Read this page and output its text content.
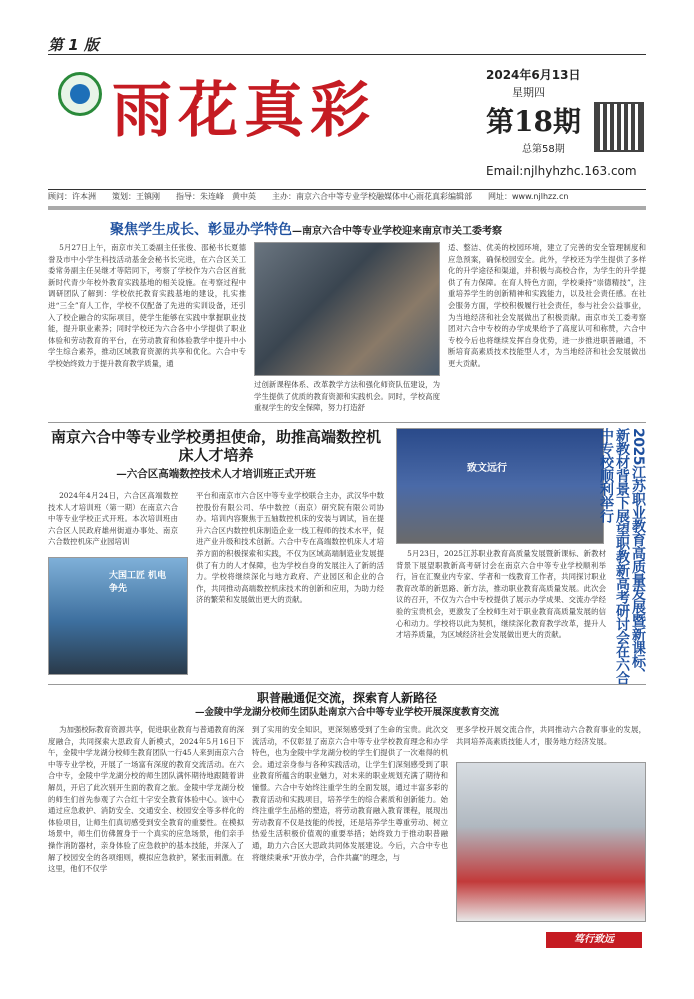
第 1 版
雨花真彩
2024年6月13日
星期四
第18期
总第58期
Email:njlhyhzhc.163.com
顾问：许本洲　　策划：王镇刚　　指导：朱连峰　黄中英　　主办：南京六合中等专业学校融媒体中心雨花真彩编辑部　　网址：www.njlhzz.cn
聚焦学生成长、彰显办学特色—南京六合中等专业学校迎来南京市关工委考察
5月27日上午，南京市关工委副主任张俊、邵秘书长夏德誉及市中小学生科技活动基金会秘书长完进，在六合区关工委常务副主任吴继才等陪同下，考察了学校作为六合区首批新时代青少年校外教育实践基地的相关设施。在考察过程中调研团队了解到：学校依托教育实践基地的建设，扎实推进“三全”育人工作，学校不仅配备了先进的实训设备，还引入了校企融合的实际项目，使学生能够在实践中掌握职业技能，提升职业素养；同时学校还为六合各中小学提供了职业体验和劳动教育的平台，在劳动教育和体验教学中提升中小学生综合素养，推动区域教育资源的共享和优化。六合中专学校始终致力于提升教育教学质量，通
过创新课程体系、改革教学方法和强化师资队伍建设，为学生提供了优质的教育资源和实践机会。同时，学校高度重视学生的安全保障，努力打造舒
适、整洁、优美的校园环境，建立了完善的安全管理制度和应急预案，确保校园安全。此外，学校还为学生提供了多样化的升学途径和渠道，并积极与高校合作，为学生的升学提供了有力保障。在育人特色方面，学校秉持“崇德精技”，注重培养学生的创新精神和实践能力，以及社会责任感。在社会服务方面，学校积极履行社会责任，参与社会公益事业，为当地经济和社会发展做出了积极贡献。南京市关工委考察团对六合中专校的办学成果给予了高度认可和称赞，六合中专校今后也将继续发挥自身优势，进一步推进职普融通，不断培育高素质技术技能型人才，为当地经济和社会发展做出更大贡献。
南京六合中等专业学校勇担使命，助推高端数控机床人才培养
—六合区高端数控技术人才培训班正式开班
2024年4月24日，六合区高端数控技术人才培训班（第一期）在南京六合中等专业学校正式开班。本次培训班由六合区人民政府雄州街道办事处、南京六合数控机床产业园培训
大国工匠 机电争先
平台和南京市六合区中等专业学校联合主办，武汉华中数控股份有限公司、华中数控（南京）研究院有限公司协办。培训内容聚焦于五轴数控机床的安装与调试，旨在提升六合区内数控机床制造企业一线工程师的技术水平，促进产业升级和技术创新。六合中专在高端数控机床人才培养方面的积极探索和实践，不仅为区域高端制造业发展提供了有力的人才保障，也为学校自身的发展注入了新的活力。学校将继续深化与地方政府、产业园区和企业的合作，共同推动高端数控机床技术的创新和应用，为助力经济的繁荣和发展做出更大的贡献。
致文远行	2025江苏职业教育高质量发展暨新课标、新教材背景下展望职教新高考研讨会在六合中专校顺利举行
5月23日，2025江苏职业教育高质量发展暨新课标、新教材背景下展望职教新高考研讨会在南京六合中等专业学校顺利举行，旨在汇聚业内专家、学者和一线教育工作者，共同探讨职业教育改革的新思路、新方法，推动职业教育高质量发展。此次会议的召开，不仅为六合中专校提供了展示办学成果、交流办学经验的宝贵机会，更激发了全校师生对于职业教育高质量发展的信心和动力。学校将以此为契机，继续深化教育教学改革，提升人才培养质量，为区域经济社会发展做出更大的贡献。
职普融通促交流，探索育人新路径
—金陵中学龙湖分校师生团队赴南京六合中等专业学校开展深度教育交流
为加强校际教育资源共享，促进职业教育与普通教育的深度融合，共同探索大思政育人新模式，2024年5月16日下午，金陵中学龙湖分校师生教育团队一行45人来到南京六合中等专业学校，开展了一场富有深度的教育交流活动。在六合中专，金陵中学龙湖分校的师生团队满怀期待地跟随着讲解员，开启了此次别开生面的教育之旅。金陵中学龙湖分校的师生们首先参观了六合红十字安全教育体验中心。该中心通过应急救护、消防安全、交通安全、校园安全等多样化的体验项目，让师生们真切感受到安全教育的重要性。在模拟场景中，师生们仿佛置身于一个真实的应急场景，他们亲手操作消防器材，亲身体验了应急救护的基本技能，并深入了解了校园安全的各项细则，模拟应急救护，紧张而刺激。在这里，他们不仅学
到了实用的安全知识，更深刻感受到了生命的宝贵。此次交流活动，不仅彰显了南京六合中等专业学校教育理念和办学特色，也为金陵中学龙湖分校的学生们提供了一次难得的机会。通过亲身参与各种实践活动，让学生们深刻感受到了职业教育所蕴含的职业魅力，对未来的职业规划充满了期待和憧憬。六合中专始终注重学生的全面发展，通过丰富多彩的教育活动和实践项目，培养学生的综合素质和创新能力。始终注重学生品格的塑造，将劳动教育融入教育课程，展现出劳动教育不仅是技能的传授，还是培养学生尊重劳动、树立热爱生活积极价值观的重要举措；始终致力于推动职普融通，助力六合区大思政共同体发展建设。今后，六合中专也将继续秉承“开放办学，合作共赢”的理念，与
更多学校开展交流合作，共同推动六合教育事业的发展，共同培养高素质技能人才，服务地方经济发展。
笃行致远
